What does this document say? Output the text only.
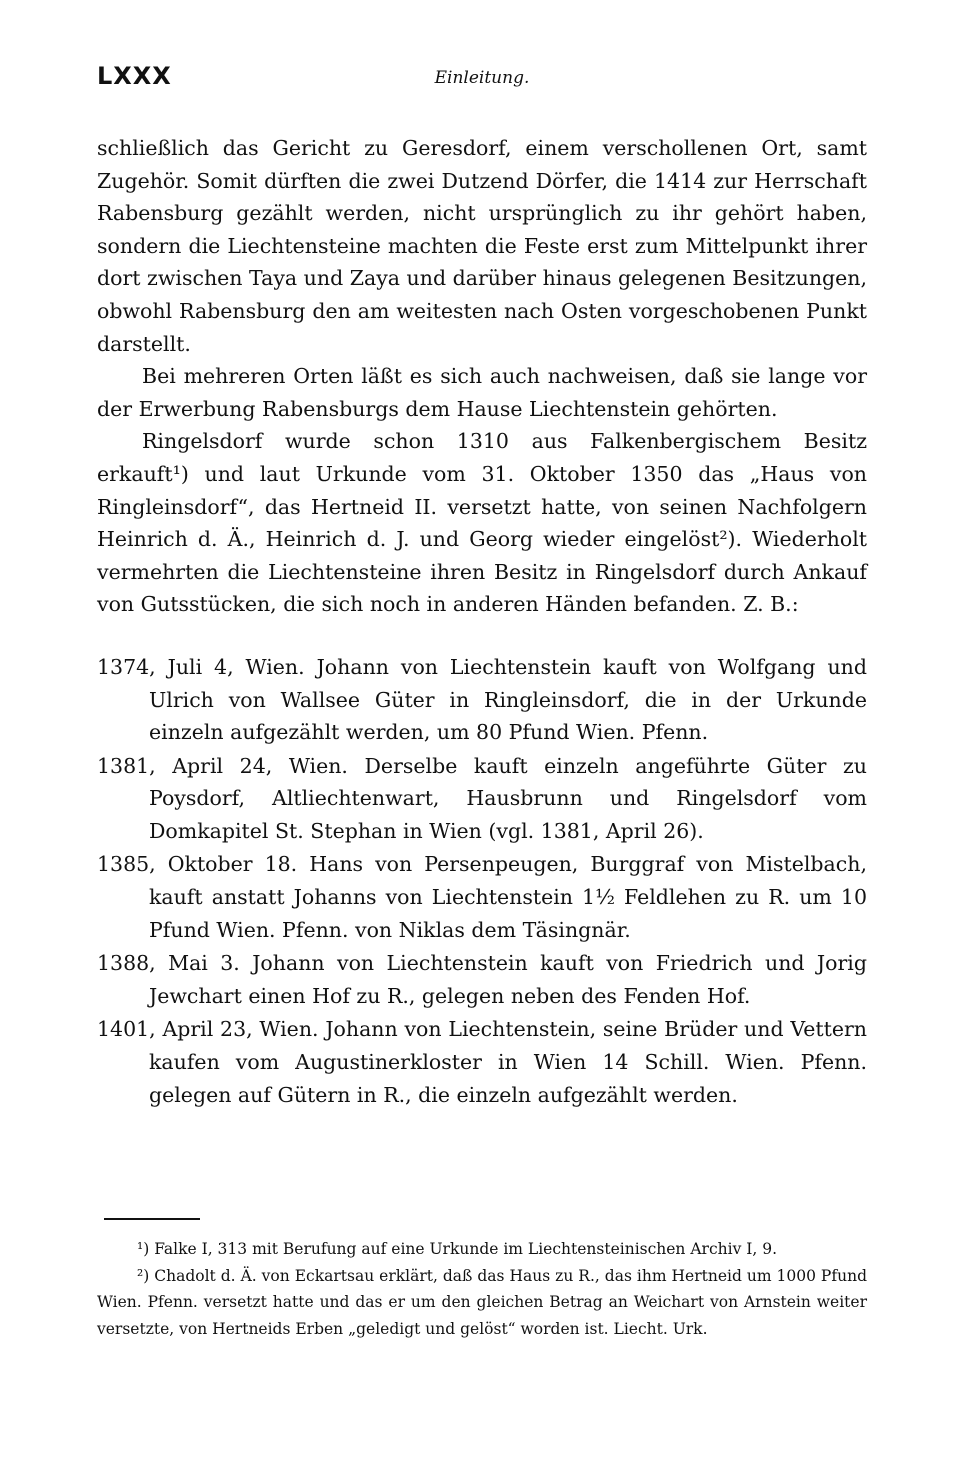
LXXX	Einleitung.

schließlich das Gericht zu Geresdorf, einem verschollenen Ort, samt Zugehör. Somit dürften die zwei Dutzend Dörfer, die 1414 zur Herrschaft Rabensburg gezählt werden, nicht ursprünglich zu ihr gehört haben, sondern die Liechtensteine machten die Feste erst zum Mittelpunkt ihrer dort zwischen Taya und Zaya und darüber hinaus gelegenen Besitzungen, obwohl Rabensburg den am weitesten nach Osten vorgeschobenen Punkt darstellt.

Bei mehreren Orten läßt es sich auch nachweisen, daß sie lange vor der Erwerbung Rabensburgs dem Hause Liechtenstein gehörten.

Ringelsdorf wurde schon 1310 aus Falkenbergischem Besitz erkauft¹) und laut Urkunde vom 31. Oktober 1350 das „Haus von Ringleinsdorf“, das Hertneid II. versetzt hatte, von seinen Nachfolgern Heinrich d. Ä., Heinrich d. J. und Georg wieder eingelöst²). Wiederholt vermehrten die Liechtensteine ihren Besitz in Ringelsdorf durch Ankauf von Gutsstücken, die sich noch in anderen Händen befanden. Z. B.:

1374, Juli 4, Wien. Johann von Liechtenstein kauft von Wolfgang und Ulrich von Wallsee Güter in Ringleinsdorf, die in der Urkunde einzeln aufgezählt werden, um 80 Pfund Wien. Pfenn.

1381, April 24, Wien. Derselbe kauft einzeln angeführte Güter zu Poysdorf, Altliechtenwart, Hausbrunn und Ringelsdorf vom Domkapitel St. Stephan in Wien (vgl. 1381, April 26).

1385, Oktober 18. Hans von Persenpeugen, Burggraf von Mistelbach, kauft anstatt Johanns von Liechtenstein 1½ Feldlehen zu R. um 10 Pfund Wien. Pfenn. von Niklas dem Täsingnär.

1388, Mai 3. Johann von Liechtenstein kauft von Friedrich und Jorig Jewchart einen Hof zu R., gelegen neben des Fenden Hof.

1401, April 23, Wien. Johann von Liechtenstein, seine Brüder und Vettern kaufen vom Augustinerkloster in Wien 14 Schill. Wien. Pfenn. gelegen auf Gütern in R., die einzeln aufgezählt werden.

¹) Falke I, 313 mit Berufung auf eine Urkunde im Liechtensteinischen Archiv I, 9.

²) Chadolt d. Ä. von Eckartsau erklärt, daß das Haus zu R., das ihm Hertneid um 1000 Pfund Wien. Pfenn. versetzt hatte und das er um den gleichen Betrag an Weichart von Arnstein weiter versetzte, von Hertneids Erben „geledigt und gelöst“ worden ist. Liecht. Urk.
